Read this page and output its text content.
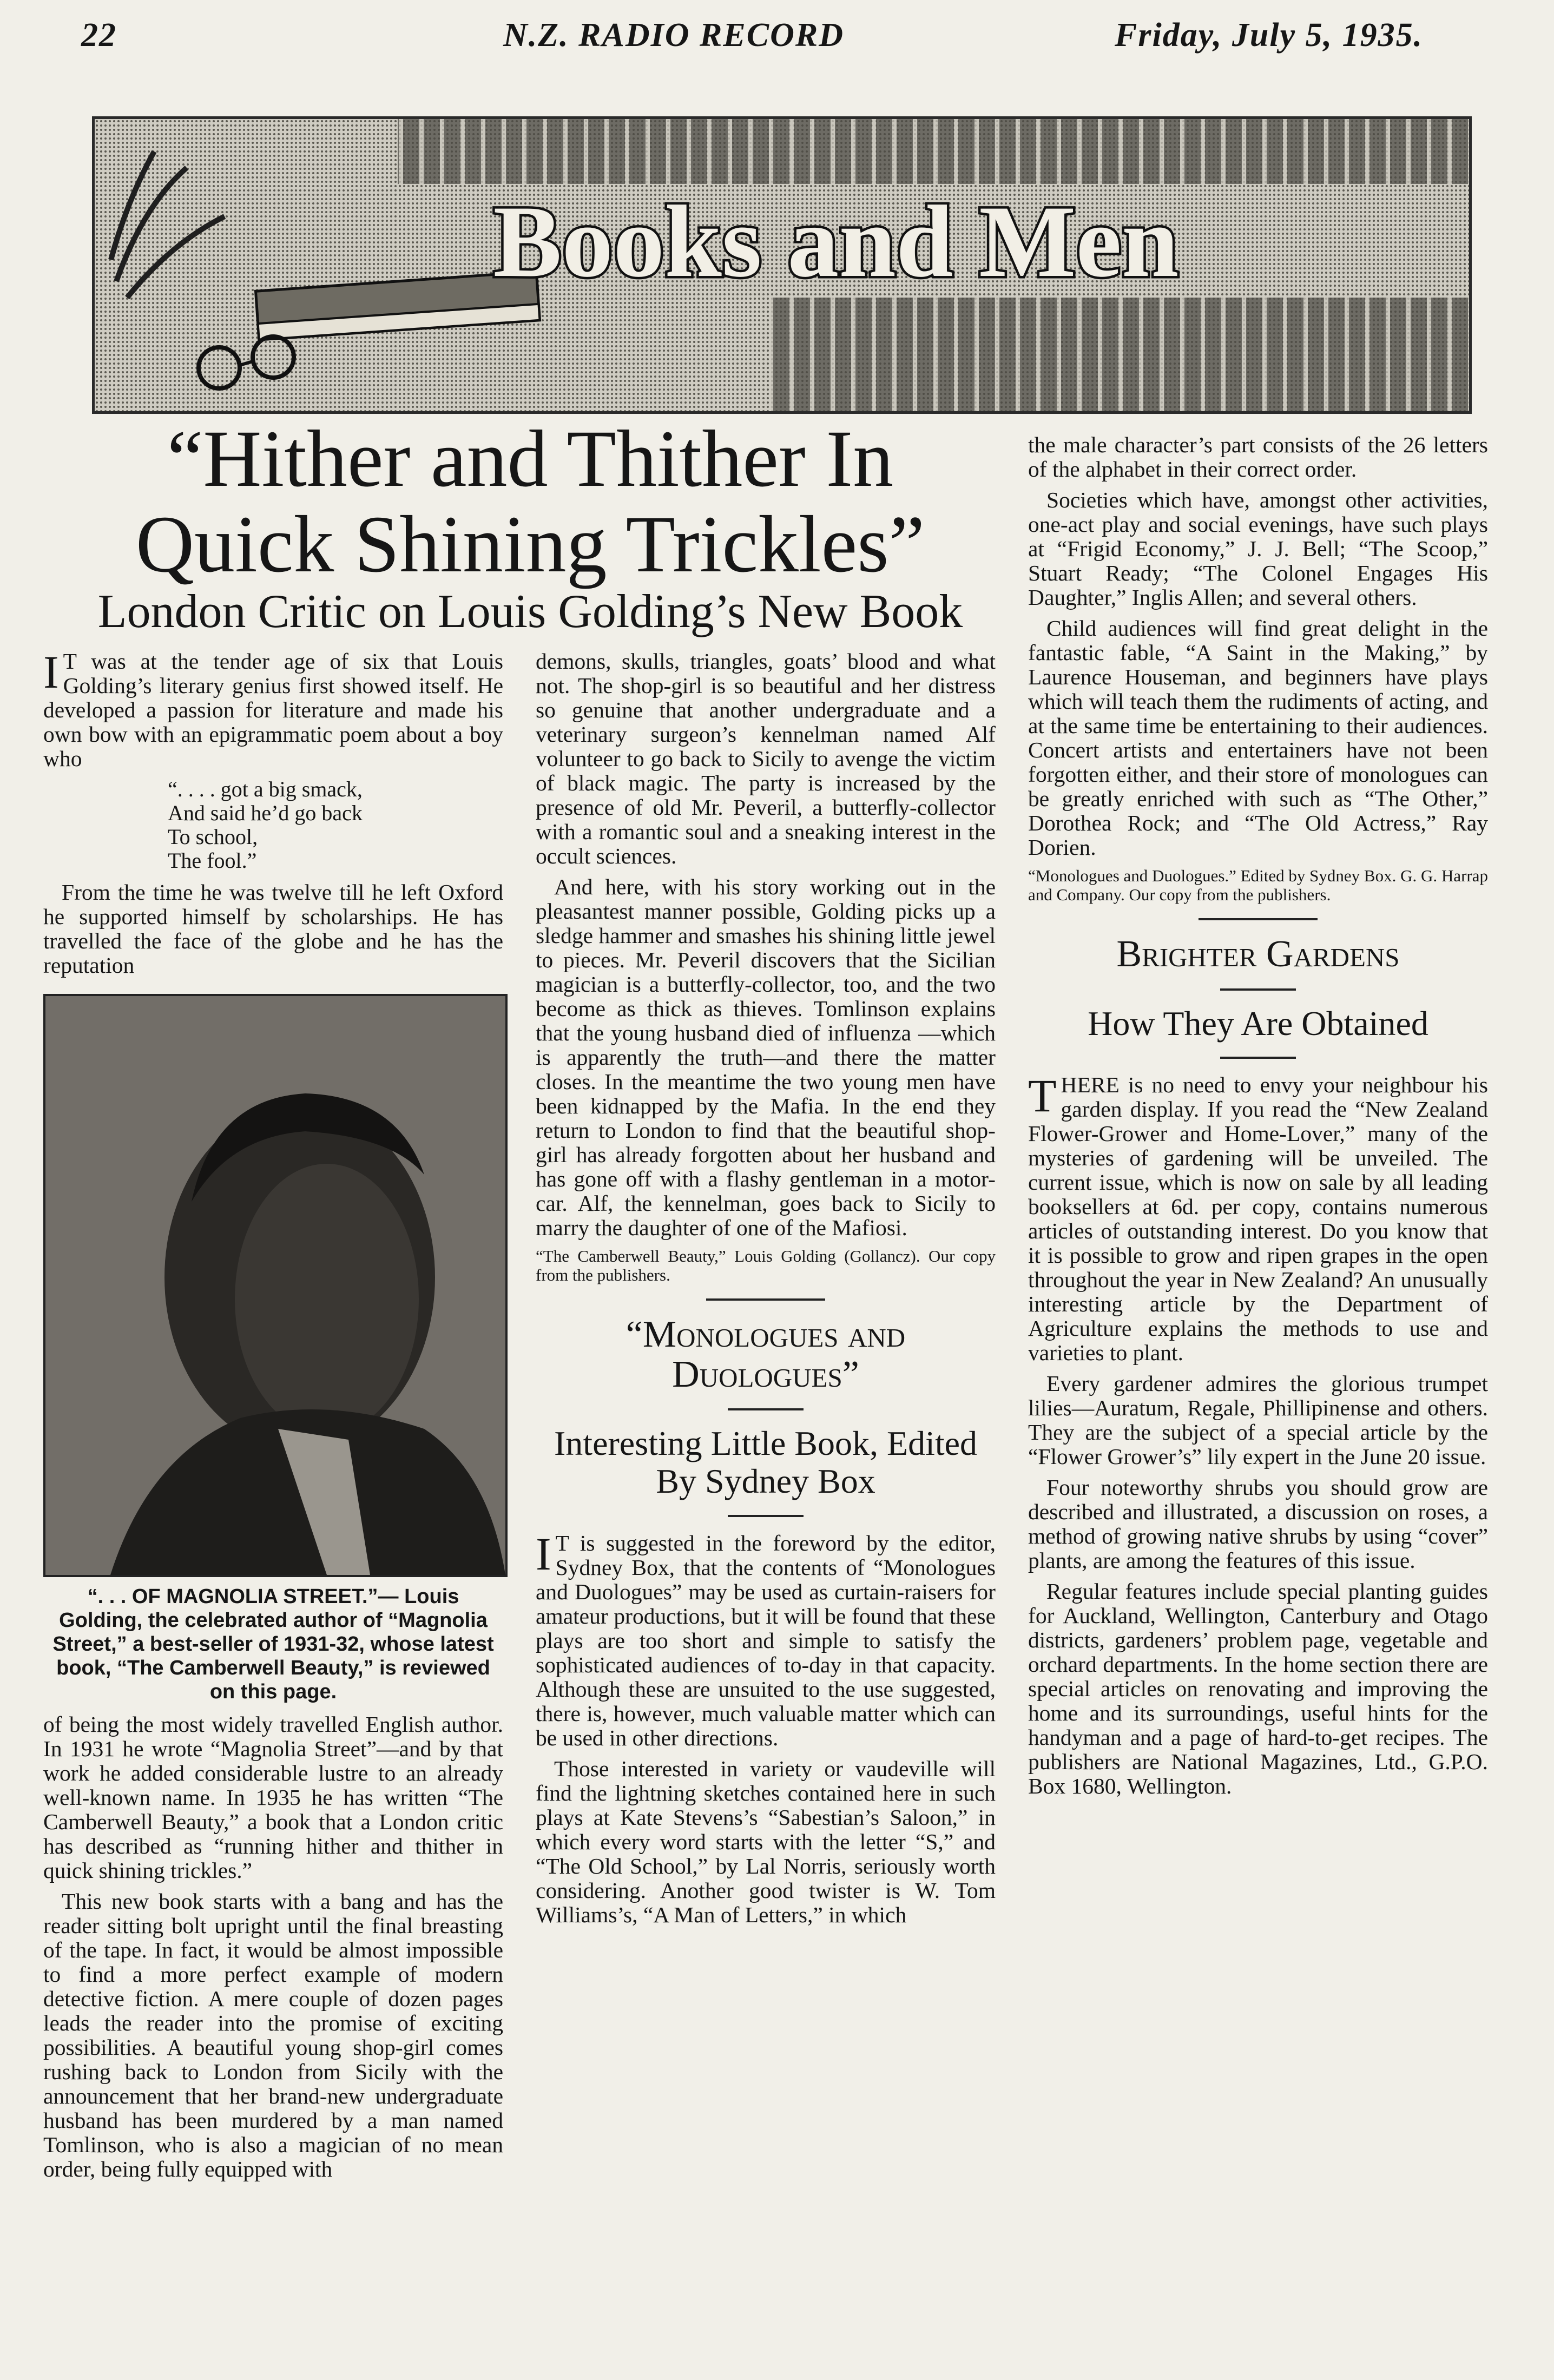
22	N.Z. RADIO RECORD	Friday, July 5, 1935.
Books and Men
“Hither and Thither In Quick Shining Trickles”
London Critic on Louis Golding’s New Book

I T was at the tender age of six that Louis Golding’s literary genius first showed itself. He developed a passion for literature and made his own bow with an epigrammatic poem about a boy who

“. . . . got a big smack,
And said he’d go back
To school,
The fool.”

From the time he was twelve till he left Oxford he supported himself by scholarships. He has travelled the face of the globe and he has the reputation

“. . . OF MAGNOLIA STREET.”— Louis Golding, the celebrated author of “Magnolia Street,” a best-seller of 1931-32, whose latest book, “The Camberwell Beauty,” is reviewed on this page.

of being the most widely travelled English author. In 1931 he wrote “Magnolia Street”—and by that work he added considerable lustre to an already well-known name. In 1935 he has written “The Camberwell Beauty,” a book that a London critic has described as “running hither and thither in quick shining trickles.”

This new book starts with a bang and has the reader sitting bolt upright until the final breasting of the tape. In fact, it would be almost impossible to find a more perfect example of modern detective fiction. A mere couple of dozen pages leads the reader into the promise of exciting possibilities. A beautiful young shop-girl comes rushing back to London from Sicily with the announcement that her brand-new undergraduate husband has been murdered by a man named Tomlinson, who is also a magician of no mean order, being fully equipped with

demons, skulls, triangles, goats’ blood and what not. The shop-girl is so beautiful and her distress so genuine that another undergraduate and a veterinary surgeon’s kennelman named Alf volunteer to go back to Sicily to avenge the victim of black magic. The party is increased by the presence of old Mr. Peveril, a butterfly-collector with a romantic soul and a sneaking interest in the occult sciences.

And here, with his story working out in the pleasantest manner possible, Golding picks up a sledge hammer and smashes his shining little jewel to pieces. Mr. Peveril discovers that the Sicilian magician is a butterfly-collector, too, and the two become as thick as thieves. Tomlinson explains that the young husband died of influenza —which is apparently the truth—and there the matter closes. In the meantime the two young men have been kidnapped by the Mafia. In the end they return to London to find that the beautiful shop-girl has already forgotten about her husband and has gone off with a flashy gentleman in a motor-car. Alf, the kennelman, goes back to Sicily to marry the daughter of one of the Mafiosi.

“The Camberwell Beauty,” Louis Golding (Gollancz). Our copy from the publishers.

“Monologues and Duologues”
Interesting Little Book, Edited By Sydney Box

I T is suggested in the foreword by the editor, Sydney Box, that the contents of “Monologues and Duologues” may be used as curtain-raisers for amateur productions, but it will be found that these plays are too short and simple to satisfy the sophisticated audiences of to-day in that capacity. Although these are unsuited to the use suggested, there is, however, much valuable matter which can be used in other directions.

Those interested in variety or vaudeville will find the lightning sketches contained here in such plays at Kate Stevens’s “Sabestian’s Saloon,” in which every word starts with the letter “S,” and “The Old School,” by Lal Norris, seriously worth considering. Another good twister is W. Tom Williams’s, “A Man of Letters,” in which

the male character’s part consists of the 26 letters of the alphabet in their correct order.

Societies which have, amongst other activities, one-act play and social evenings, have such plays at “Frigid Economy,” J. J. Bell; “The Scoop,” Stuart Ready; “The Colonel Engages His Daughter,” Inglis Allen; and several others.

Child audiences will find great delight in the fantastic fable, “A Saint in the Making,” by Laurence Houseman, and beginners have plays which will teach them the rudiments of acting, and at the same time be entertaining to their audiences. Concert artists and entertainers have not been forgotten either, and their store of monologues can be greatly enriched with such as “The Other,” Dorothea Rock; and “The Old Actress,” Ray Dorien.

“Monologues and Duologues.” Edited by Sydney Box. G. G. Harrap and Company. Our copy from the publishers.

Brighter Gardens
How They Are Obtained

THERE is no need to envy your neighbour his garden display. If you read the “New Zealand Flower-Grower and Home-Lover,” many of the mysteries of gardening will be unveiled. The current issue, which is now on sale by all leading booksellers at 6d. per copy, contains numerous articles of outstanding interest. Do you know that it is possible to grow and ripen grapes in the open throughout the year in New Zealand? An unusually interesting article by the Department of Agriculture explains the methods to use and varieties to plant.

Every gardener admires the glorious trumpet lilies—Auratum, Regale, Phillipinense and others. They are the subject of a special article by the “Flower Grower’s” lily expert in the June 20 issue.

Four noteworthy shrubs you should grow are described and illustrated, a discussion on roses, a method of growing native shrubs by using “cover” plants, are among the features of this issue.

Regular features include special planting guides for Auckland, Wellington, Canterbury and Otago districts, gardeners’ problem page, vegetable and orchard departments. In the home section there are special articles on renovating and improving the home and its surroundings, useful hints for the handyman and a page of hard-to-get recipes. The publishers are National Magazines, Ltd., G.P.O. Box 1680, Wellington.
